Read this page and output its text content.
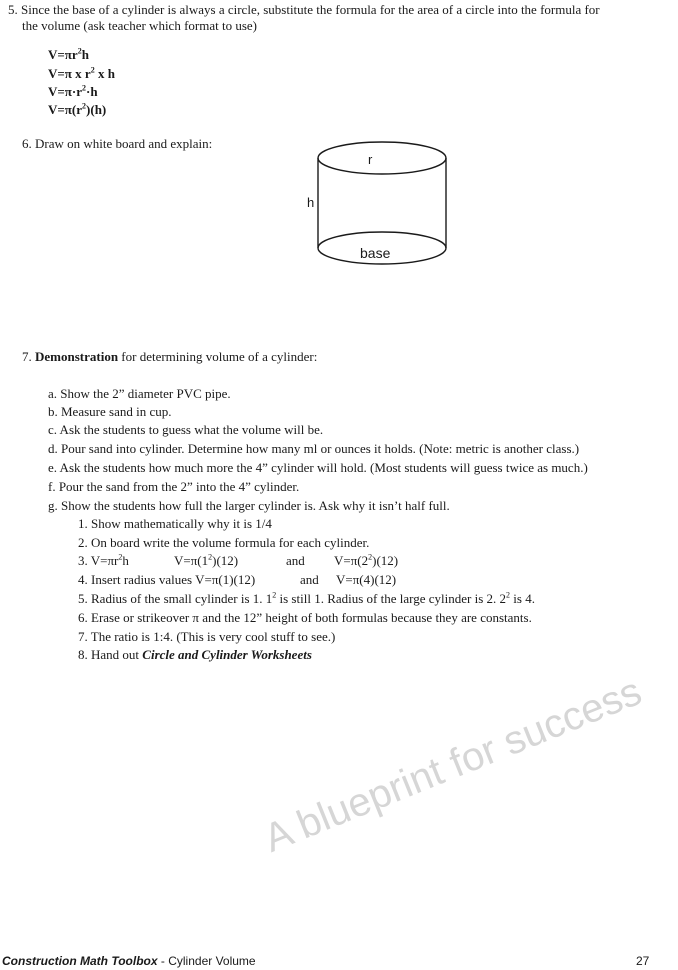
5. Since the base of a cylinder is always a circle, substitute the formula for the area of a circle into the formula for
the volume (ask teacher which format to use)
$V=\pi r^2h$
V=π x $r^2$ x h
$V=\pi\cdot r^2\cdot h$
$V=\pi(r^2)(h)$
6. Draw on white board and explain:
r
h
base
7. Demonstration for determining volume of a cylinder:
a. Show the 2” diameter PVC pipe.
b. Measure sand in cup.
c. Ask the students to guess what the volume will be.
d. Pour sand into cylinder. Determine how many ml or ounces it holds. (Note: metric is another class.)
e. Ask the students how much more the 4” cylinder will hold. (Most students will guess twice as much.)
f. Pour the sand from the 2” into the 4” cylinder.
g. Show the students how full the larger cylinder is. Ask why it isn’t half full.
1. Show mathematically why it is 1/4
2. On board write the volume formula for each cylinder.
3. $V=\pi r^2h$	$V=\pi(1^2)(12)$	and $V=\pi(2^2)(12)$
4. Insert radius values V=π(1)(12)	and V=π(4)(12)
5. Radius of the small cylinder is 1. $1^2$ is still 1. Radius of the large cylinder is 2. $2^2$ is 4.
6. Erase or strikeover π and the 12” height of both formulas because they are constants.
7. The ratio is 1:4. (This is very cool stuff to see.)
8. Hand out Circle and Cylinder Worksheets
A blueprint for success
Construction Math Toolbox - Cylinder Volume	27
